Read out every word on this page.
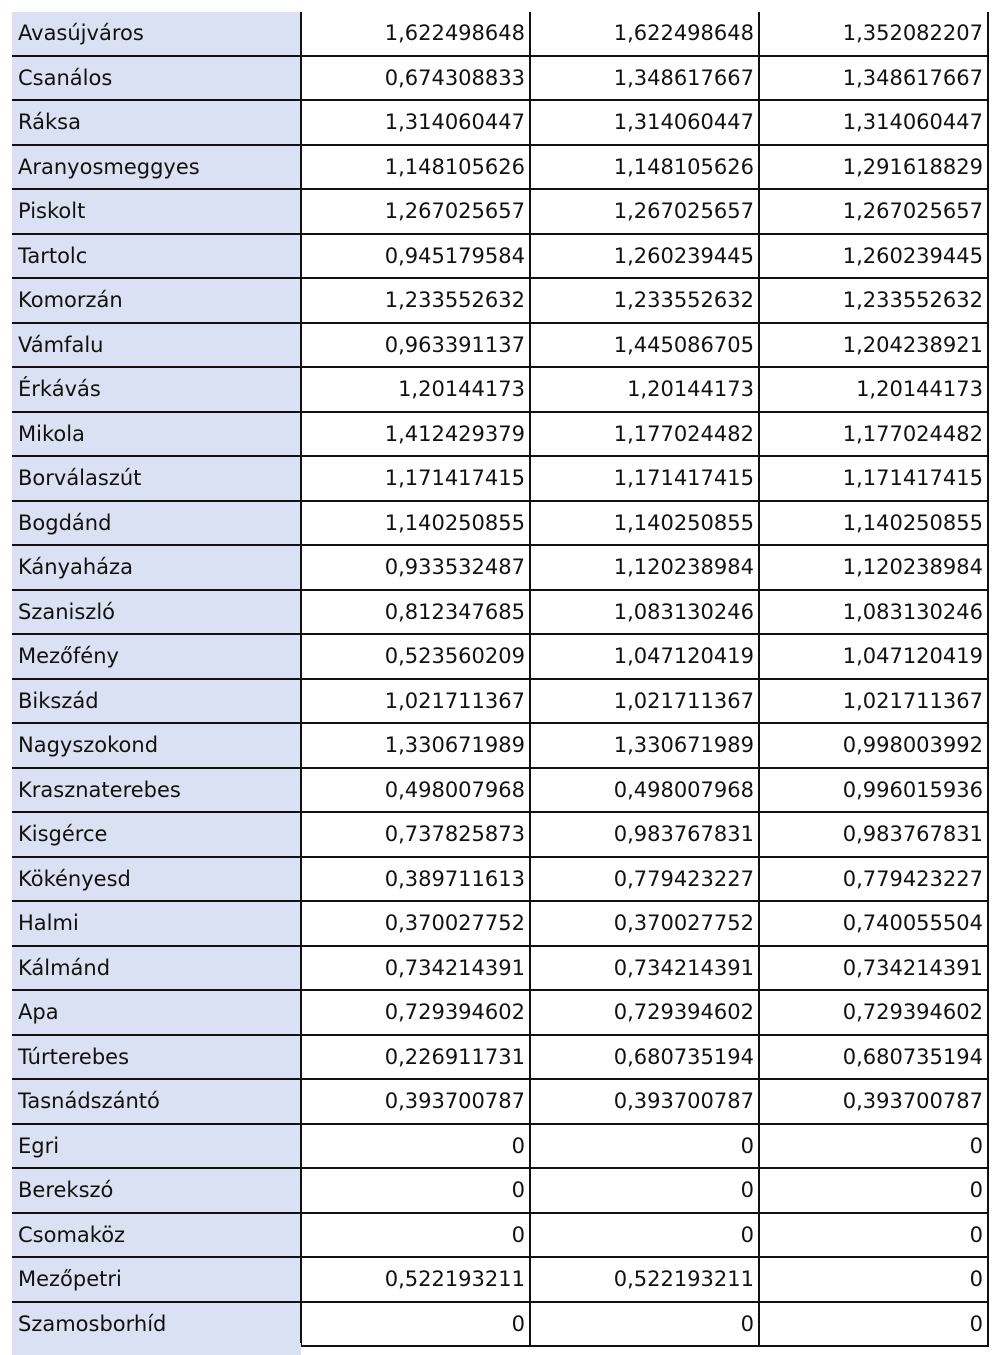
Avasújváros	1,622498648	1,622498648	1,352082207
Csanálos	0,674308833	1,348617667	1,348617667
Ráksa	1,314060447	1,314060447	1,314060447
Aranyosmeggyes	1,148105626	1,148105626	1,291618829
Piskolt	1,267025657	1,267025657	1,267025657
Tartolc	0,945179584	1,260239445	1,260239445
Komorzán	1,233552632	1,233552632	1,233552632
Vámfalu	0,963391137	1,445086705	1,204238921
Érkávás	1,20144173	1,20144173	1,20144173
Mikola	1,412429379	1,177024482	1,177024482
Borválaszút	1,171417415	1,171417415	1,171417415
Bogdánd	1,140250855	1,140250855	1,140250855
Kányaháza	0,933532487	1,120238984	1,120238984
Szaniszló	0,812347685	1,083130246	1,083130246
Mezőfény	0,523560209	1,047120419	1,047120419
Bikszád	1,021711367	1,021711367	1,021711367
Nagyszokond	1,330671989	1,330671989	0,998003992
Krasznaterebes	0,498007968	0,498007968	0,996015936
Kisgérce	0,737825873	0,983767831	0,983767831
Kökényesd	0,389711613	0,779423227	0,779423227
Halmi	0,370027752	0,370027752	0,740055504
Kálmánd	0,734214391	0,734214391	0,734214391
Apa	0,729394602	0,729394602	0,729394602
Túrterebes	0,226911731	0,680735194	0,680735194
Tasnádszántó	0,393700787	0,393700787	0,393700787
Egri	0	0	0
Berekszó	0	0	0
Csomaköz	0	0	0
Mezőpetri	0,522193211	0,522193211	0
Szamosborhíd	0	0	0
